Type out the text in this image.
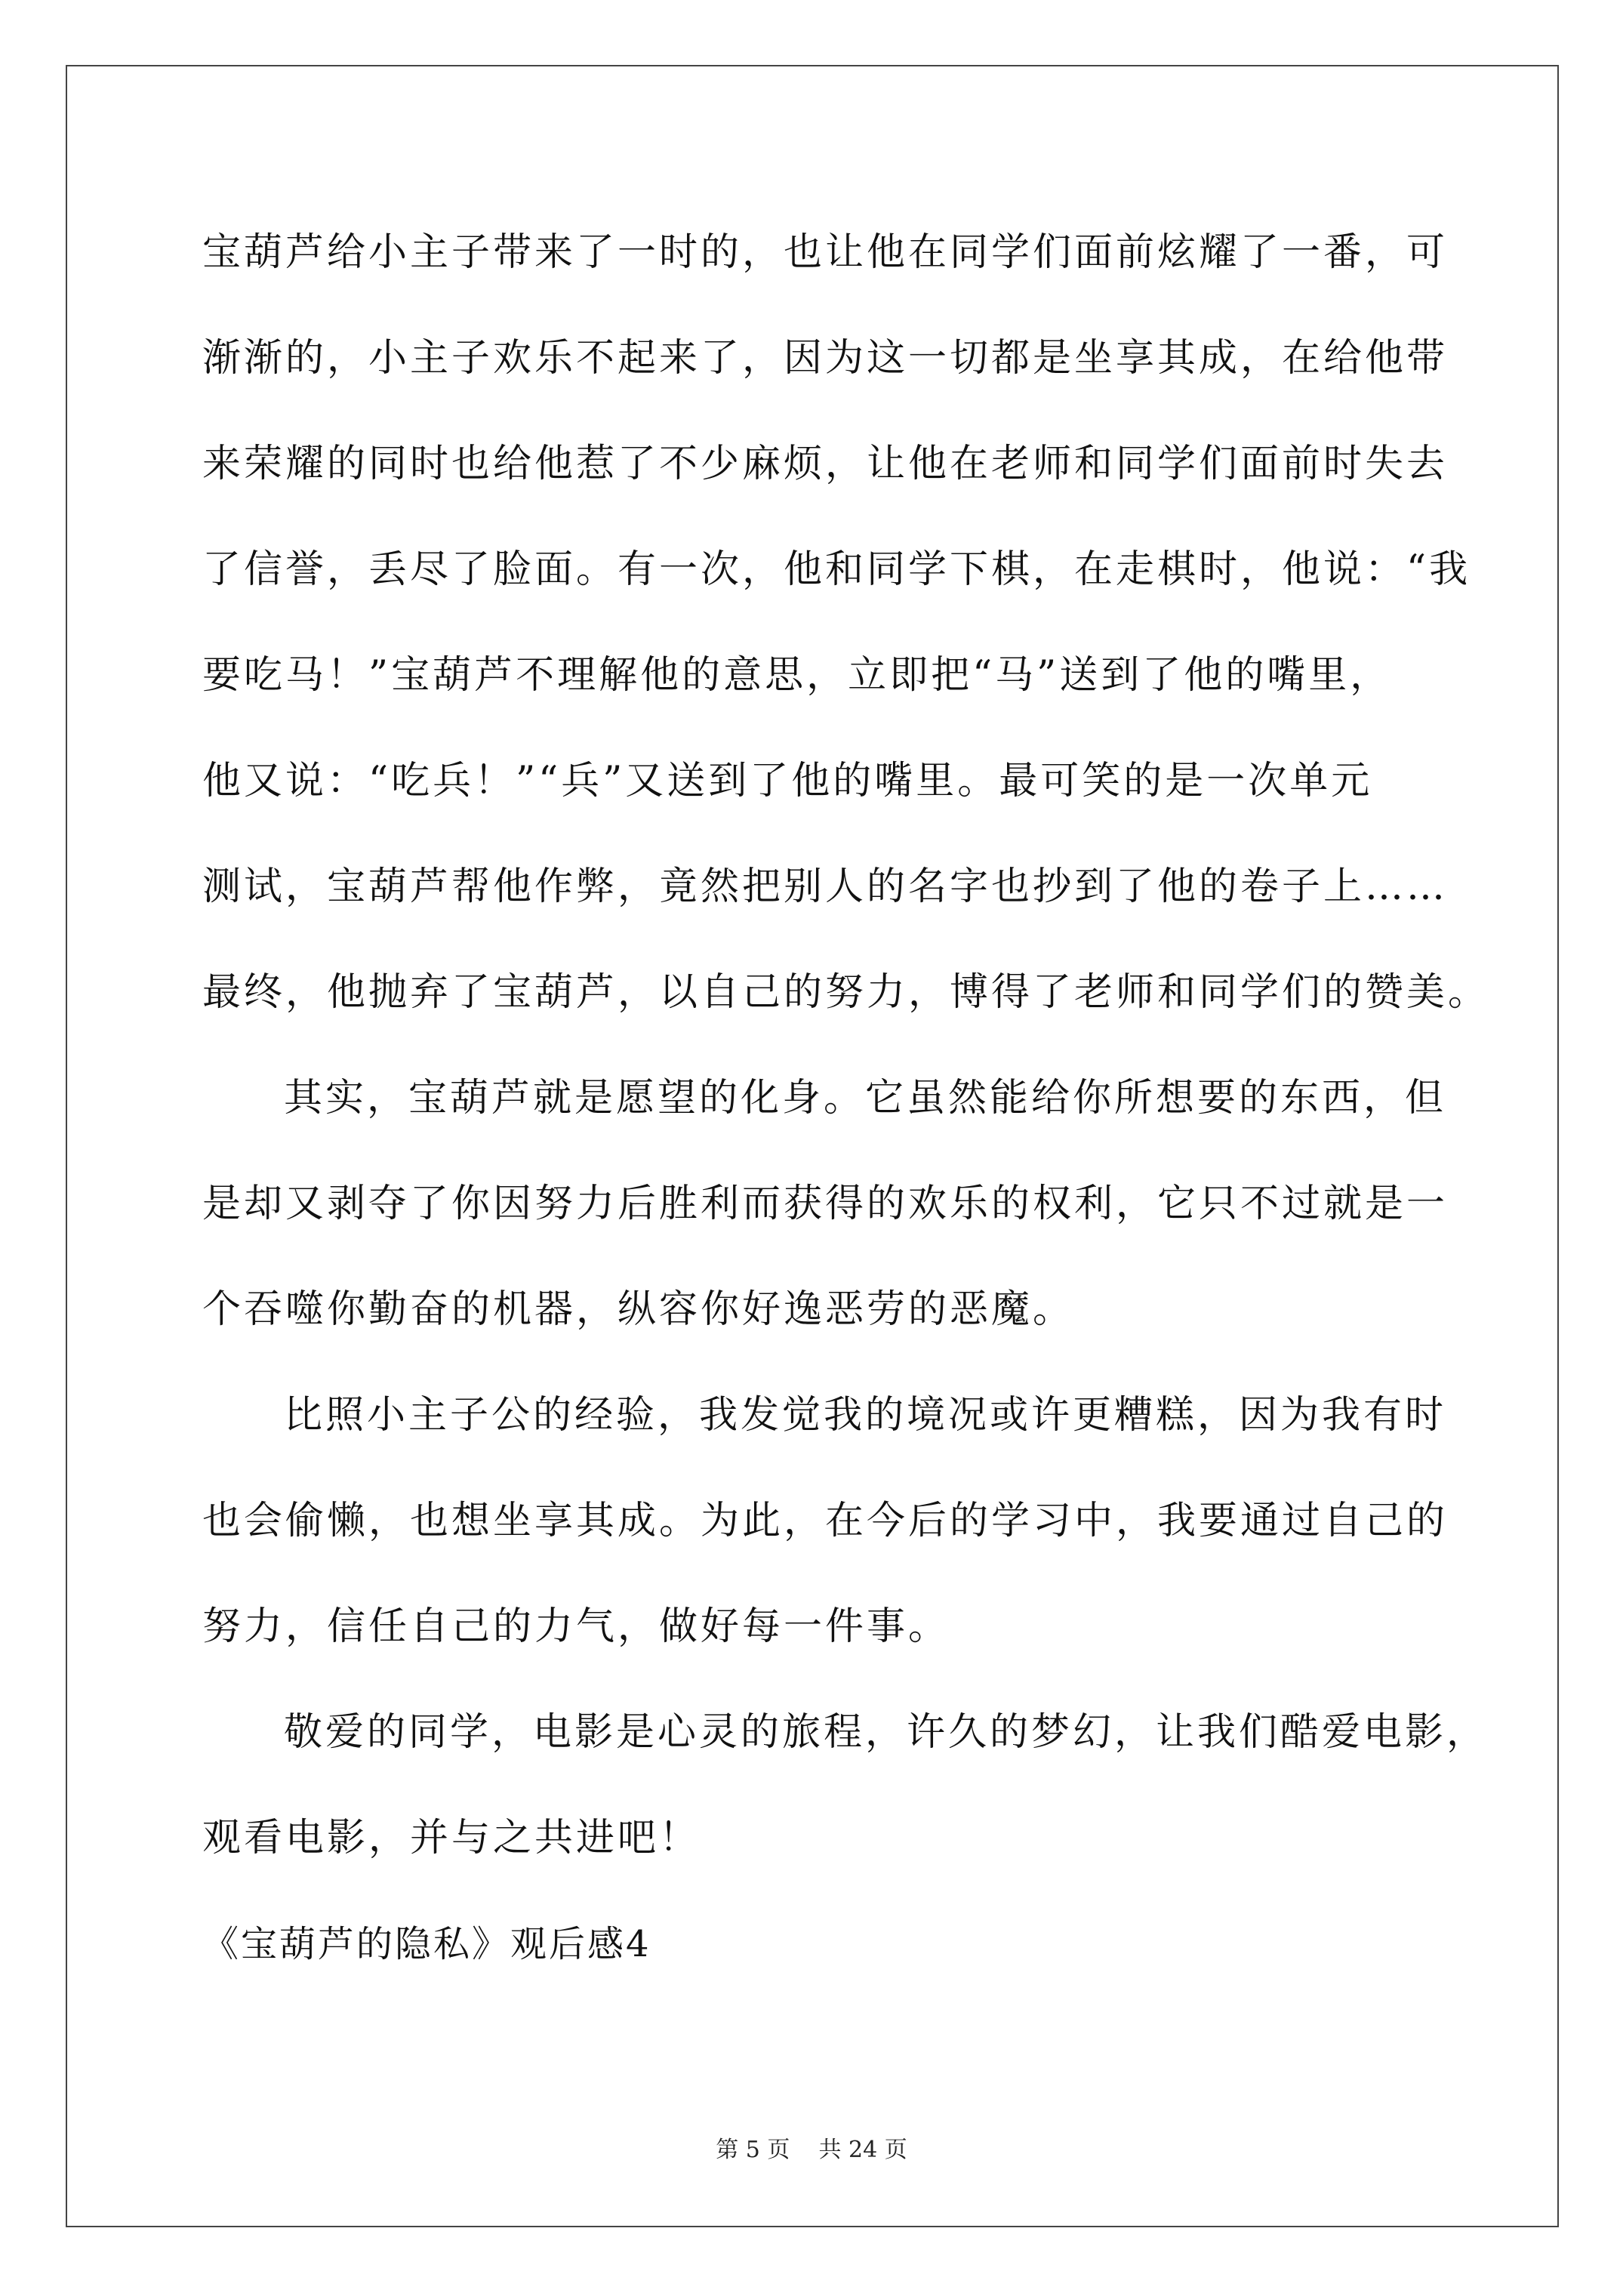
宝葫芦给小主子带来了一时的，也让他在同学们面前炫耀了一番，可
渐渐的，小主子欢乐不起来了，因为这一切都是坐享其成，在给他带
来荣耀的同时也给他惹了不少麻烦，让他在老师和同学们面前时失去
了信誉，丢尽了脸面。有一次，他和同学下棋，在走棋时，他说：“我
要吃马！”宝葫芦不理解他的意思，立即把“马”送到了他的嘴里，
他又说：“吃兵！”“兵”又送到了他的嘴里。最可笑的是一次单元
测试，宝葫芦帮他作弊，竟然把别人的名字也抄到了他的卷子上……
最终，他抛弃了宝葫芦，以自己的努力，博得了老师和同学们的赞美。
其实，宝葫芦就是愿望的化身。它虽然能给你所想要的东西，但
是却又剥夺了你因努力后胜利而获得的欢乐的权利，它只不过就是一
个吞噬你勤奋的机器，纵容你好逸恶劳的恶魔。
比照小主子公的经验，我发觉我的境况或许更糟糕，因为我有时
也会偷懒，也想坐享其成。为此，在今后的学习中，我要通过自己的
努力，信任自己的力气，做好每一件事。
敬爱的同学，电影是心灵的旅程，许久的梦幻，让我们酷爱电影，
观看电影，并与之共进吧！
《宝葫芦的隐私》观后感4
第 5 页    共 24 页
